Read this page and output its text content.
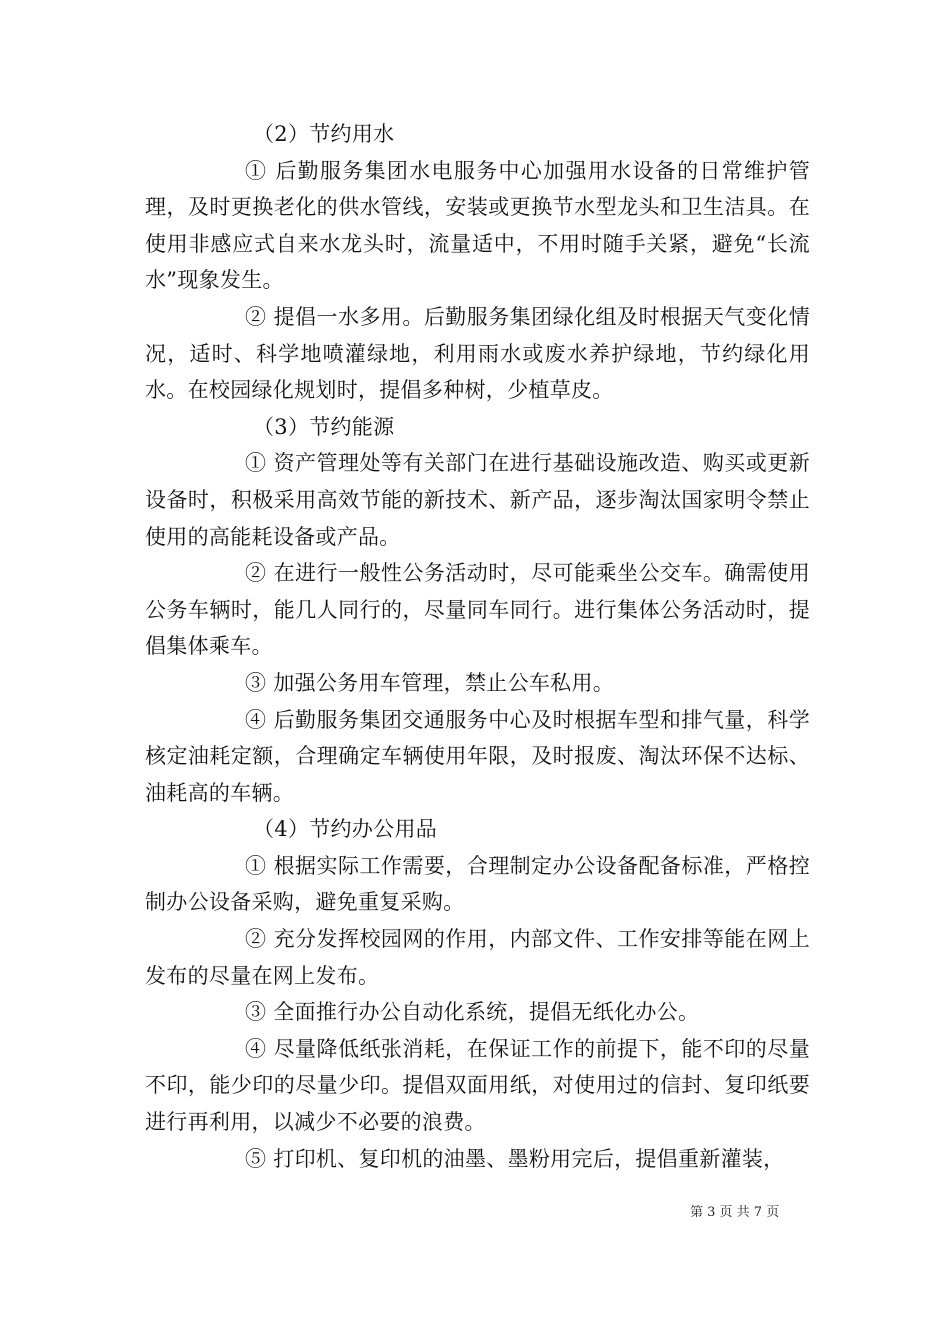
（2）节约用水

① 后勤服务集团水电服务中心加强用水设备的日常维护管理，及时更换老化的供水管线，安装或更换节水型龙头和卫生洁具。在使用非感应式自来水龙头时，流量适中，不用时随手关紧，避免“长流水”现象发生。

② 提倡一水多用。后勤服务集团绿化组及时根据天气变化情况，适时、科学地喷灌绿地，利用雨水或废水养护绿地，节约绿化用水。在校园绿化规划时，提倡多种树，少植草皮。

（3）节约能源

① 资产管理处等有关部门在进行基础设施改造、购买或更新设备时，积极采用高效节能的新技术、新产品，逐步淘汰国家明令禁止使用的高能耗设备或产品。

② 在进行一般性公务活动时，尽可能乘坐公交车。确需使用公务车辆时，能几人同行的，尽量同车同行。进行集体公务活动时，提倡集体乘车。

③ 加强公务用车管理，禁止公车私用。

④ 后勤服务集团交通服务中心及时根据车型和排气量，科学核定油耗定额，合理确定车辆使用年限，及时报废、淘汰环保不达标、油耗高的车辆。

（4）节约办公用品

① 根据实际工作需要，合理制定办公设备配备标准，严格控制办公设备采购，避免重复采购。

② 充分发挥校园网的作用，内部文件、工作安排等能在网上发布的尽量在网上发布。

③ 全面推行办公自动化系统，提倡无纸化办公。

④ 尽量降低纸张消耗，在保证工作的前提下，能不印的尽量不印，能少印的尽量少印。提倡双面用纸，对使用过的信封、复印纸要进行再利用，以减少不必要的浪费。

⑤ 打印机、复印机的油墨、墨粉用完后，提倡重新灌装，

第 3 页 共 7 页
